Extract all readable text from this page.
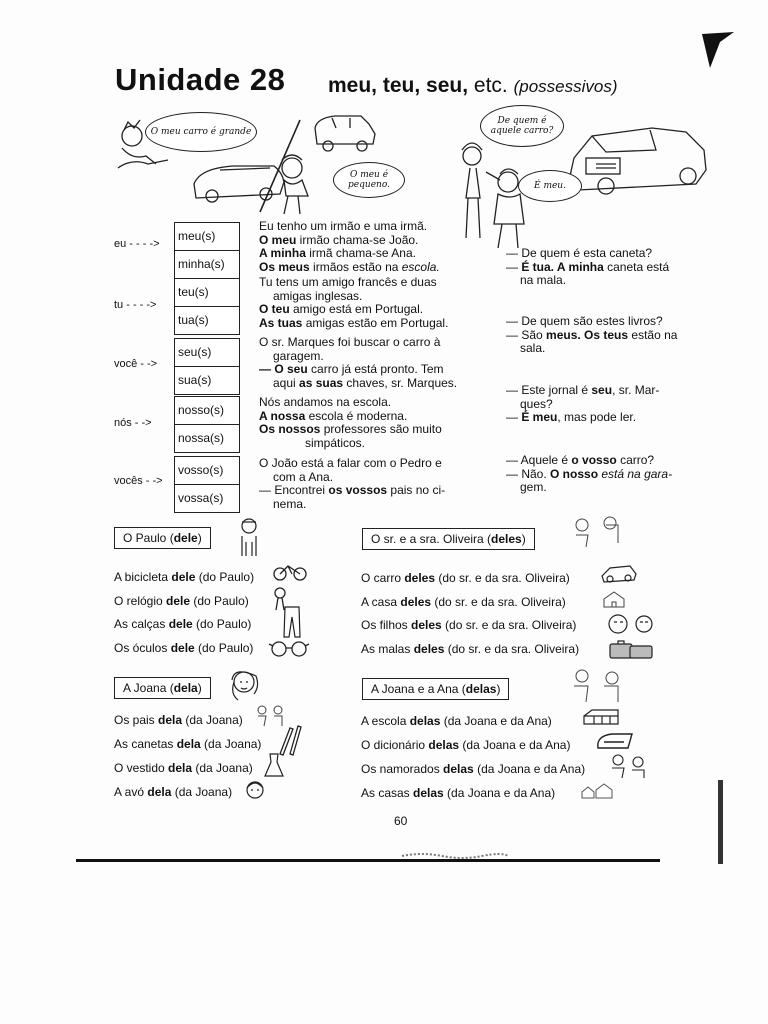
Unidade 28 meu, teu, seu, etc. (possessivos)
O meu carro é grande
O meu é pequeno.
De quem é aquele carro?
É meu.
eu - - - ->
meu(s)
minha(s)
tu - - - ->
teu(s)
tua(s)
você - ->
seu(s)
sua(s)
nós - ->
nosso(s)
nossa(s)
vocês - ->
vosso(s)
vossa(s)
Eu tenho um irmão e uma irmã.
O meu irmão chama-se João.
A minha irmã chama-se Ana.
Os meus irmãos estão na escola.
Tu tens um amigo francês e duas
amigas inglesas.
O teu amigo está em Portugal.
As tuas amigas estão em Portugal.
O sr. Marques foi buscar o carro à
garagem.
— O seu carro já está pronto. Tem
aqui as suas chaves, sr. Marques.
Nós andamos na escola.
A nossa escola é moderna.
Os nossos professores são muito
simpáticos.
O João está a falar com o Pedro e
com a Ana.
— Encontrei os vossos pais no ci-
nema.
— De quem é esta caneta?
— É tua. A minha caneta está
na mala.
— De quem são estes livros?
— São meus. Os teus estão na
sala.
— Este jornal é seu, sr. Mar-
ques?
— É meu, mas pode ler.
— Aquele é o vosso carro?
— Não. O nosso está na gara-
gem.
O Paulo (dele)
A bicicleta dele (do Paulo)
O relógio dele (do Paulo)
As calças dele (do Paulo)
Os óculos dele (do Paulo)
O sr. e a sra. Oliveira (deles)
O carro deles (do sr. e da sra. Oliveira)
A casa deles (do sr. e da sra. Oliveira)
Os filhos deles (do sr. e da sra. Oliveira)
As malas deles (do sr. e da sra. Oliveira)
A Joana (dela)
Os pais dela (da Joana)
As canetas dela (da Joana)
O vestido dela (da Joana)
A avó dela (da Joana)
A Joana e a Ana (delas)
A escola delas (da Joana e da Ana)
O dicionário delas (da Joana e da Ana)
Os namorados delas (da Joana e da Ana)
As casas delas (da Joana e da Ana)
60
